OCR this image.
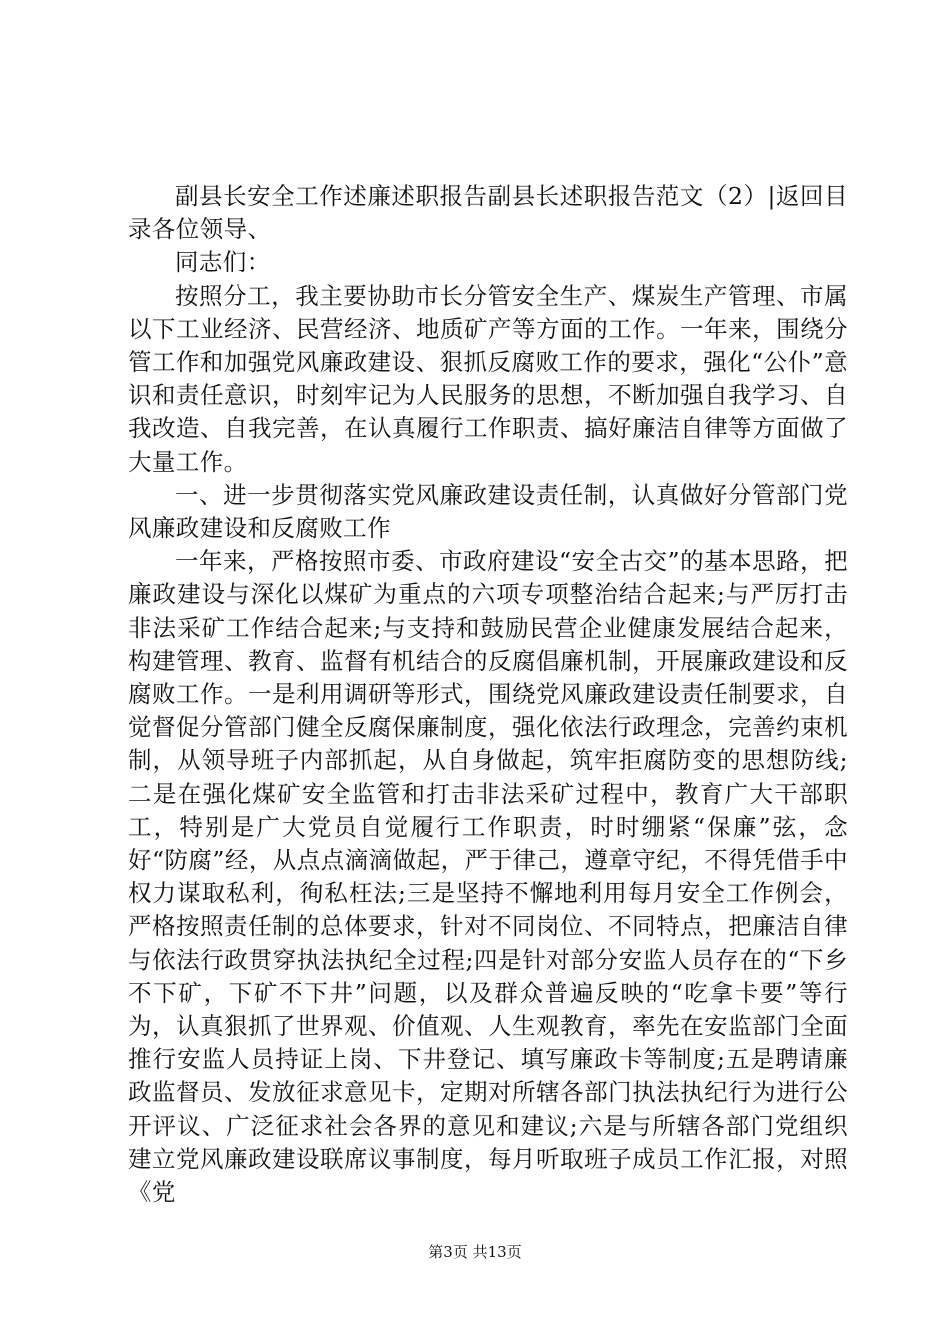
副县长安全工作述廉述职报告副县长述职报告范文（2）|返回目录各位领导、

同志们：

按照分工，我主要协助市长分管安全生产、煤炭生产管理、市属以下工业经济、民营经济、地质矿产等方面的工作。一年来，围绕分管工作和加强党风廉政建设、狠抓反腐败工作的要求，强化“公仆”意识和责任意识，时刻牢记为人民服务的思想，不断加强自我学习、自我改造、自我完善，在认真履行工作职责、搞好廉洁自律等方面做了大量工作。

一、进一步贯彻落实党风廉政建设责任制，认真做好分管部门党风廉政建设和反腐败工作

一年来，严格按照市委、市政府建设“安全古交”的基本思路，把廉政建设与深化以煤矿为重点的六项专项整治结合起来;与严厉打击非法采矿工作结合起来;与支持和鼓励民营企业健康发展结合起来，构建管理、教育、监督有机结合的反腐倡廉机制，开展廉政建设和反腐败工作。一是利用调研等形式，围绕党风廉政建设责任制要求，自觉督促分管部门健全反腐保廉制度，强化依法行政理念，完善约束机制，从领导班子内部抓起，从自身做起，筑牢拒腐防变的思想防线;二是在强化煤矿安全监管和打击非法采矿过程中，教育广大干部职工，特别是广大党员自觉履行工作职责，时时绷紧“保廉”弦，念好“防腐”经，从点点滴滴做起，严于律己，遵章守纪，不得凭借手中权力谋取私利，徇私枉法;三是坚持不懈地利用每月安全工作例会，严格按照责任制的总体要求，针对不同岗位、不同特点，把廉洁自律与依法行政贯穿执法执纪全过程;四是针对部分安监人员存在的“下乡不下矿，下矿不下井”问题，以及群众普遍反映的“吃拿卡要”等行为，认真狠抓了世界观、价值观、人生观教育，率先在安监部门全面推行安监人员持证上岗、下井登记、填写廉政卡等制度;五是聘请廉政监督员、发放征求意见卡，定期对所辖各部门执法执纪行为进行公开评议、广泛征求社会各界的意见和建议;六是与所辖各部门党组织建立党风廉政建设联席议事制度，每月听取班子成员工作汇报，对照《党

第3页 共13页
